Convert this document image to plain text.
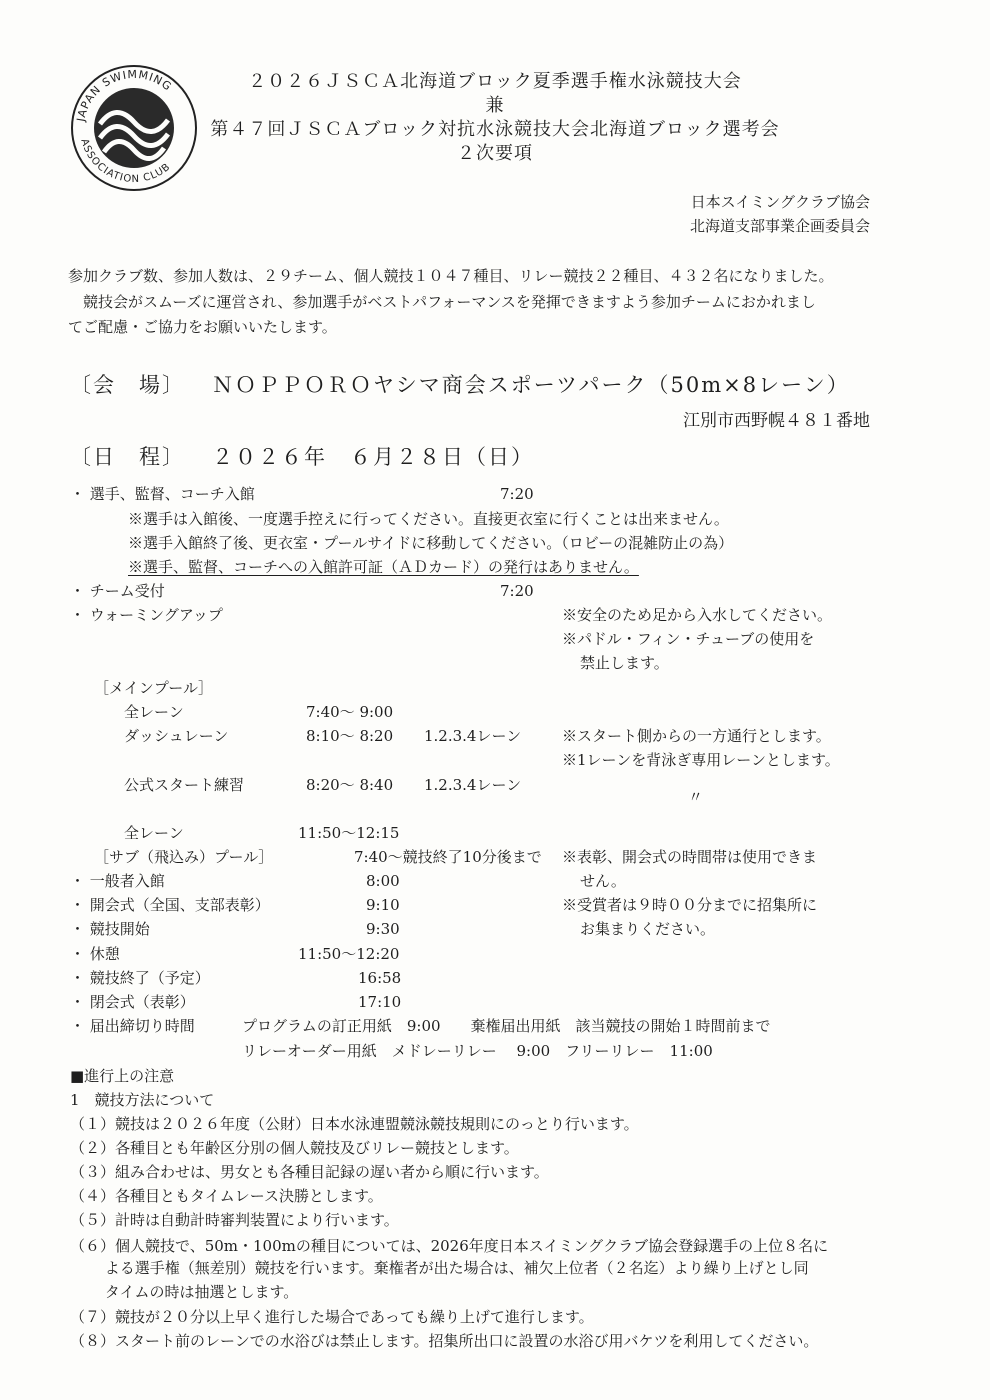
JAPAN SWIMMING
ASSOCIATION CLUB
２０２６ＪＳＣＡ北海道ブロック夏季選手権水泳競技大会
兼
第４７回ＪＳＣＡブロック対抗水泳競技大会北海道ブロック選考会
２次要項
日本スイミングクラブ協会
北海道支部事業企画委員会
参加クラブ数、参加人数は、２９チーム、個人競技１０４７種目、リレー競技２２種目、４３２名になりました。
　競技会がスムーズに運営され、参加選手がベストパフォーマンスを発揮できますよう参加チームにおかれまし
てご配慮・ご協力をお願いいたします。
〔会　場〕 ＮＯＰＰＯＲＯヤシマ商会スポーツパーク（50m×8レーン）
江別市西野幌４８１番地
〔日　程〕 ２０２６年　６月２８日（日）
・ 選手、監督、コーチ入館	7:20
※選手は入館後、一度選手控えに行ってください。直接更衣室に行くことは出来ません。
※選手入館終了後、更衣室・プールサイドに移動してください。（ロビーの混雑防止の為）
※選手、監督、コーチへの入館許可証（ＡＤカード）の発行はありません。
・ チーム受付	7:20
・ ウォーミングアップ	※安全のため足から入水してください。
※パドル・フィン・チューブの使用を
禁止します。
［メインプール］
全レーン	7:40～ 9:00
ダッシュレーン	8:10～ 8:20 1.2.3.4レーン	※スタート側からの一方通行とします。
※1レーンを背泳ぎ専用レーンとします。
公式スタート練習	8:20～ 8:40 1.2.3.4レーン
〃
全レーン	11:50～12:15
［サブ（飛込み）プール］	7:40～競技終了10分後まで ※表彰、開会式の時間帯は使用できま
せん。
・ 一般者入館	8:00
・ 開会式（全国、支部表彰）	9:10	※受賞者は９時００分までに招集所に
お集まりください。
・ 競技開始	9:30
・ 休憩	11:50～12:20
・ 競技終了（予定）	16:58
・ 閉会式（表彰）	17:10
・ 届出締切り時間	プログラムの訂正用紙　9:00　　棄権届出用紙　該当競技の開始１時間前まで
リレーオーダー用紙　メドレーリレー　 9:00　フリーリレー　11:00
■進行上の注意
1　競技方法について
（１）競技は２０２６年度（公財）日本水泳連盟競泳競技規則にのっとり行います。
（２）各種目とも年齢区分別の個人競技及びリレー競技とします。
（３）組み合わせは、男女とも各種目記録の遅い者から順に行います。
（４）各種目ともタイムレース決勝とします。
（５）計時は自動計時審判装置により行います。
（６）個人競技で、50m・100mの種目については、2026年度日本スイミングクラブ協会登録選手の上位８名に
　　 よる選手権（無差別）競技を行います。棄権者が出た場合は、補欠上位者（２名迄）より繰り上げとし同
　　 タイムの時は抽選とします。
（７）競技が２０分以上早く進行した場合であっても繰り上げて進行します。
（８）スタート前のレーンでの水浴びは禁止します。招集所出口に設置の水浴び用バケツを利用してください。
